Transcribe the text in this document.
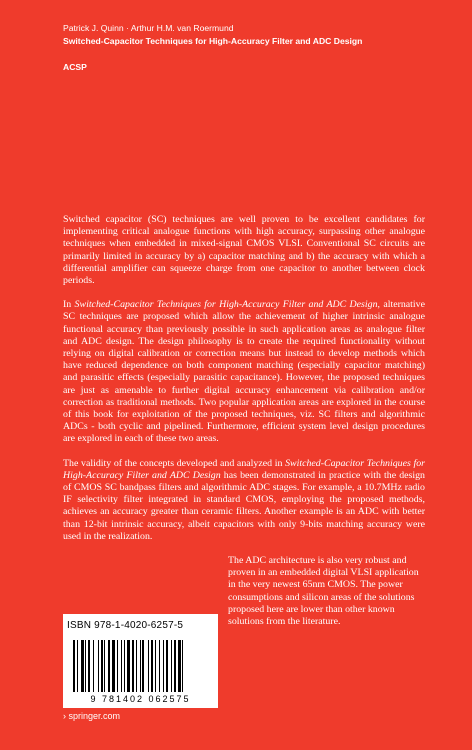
Patrick J. Quinn · Arthur H.M. van Roermund
Switched-Capacitor Techniques for High-Accuracy Filter and ADC Design
ACSP

Switched capacitor (SC) techniques are well proven to be excellent candidates for implementing critical analogue functions with high accuracy, surpassing other analogue techniques when embedded in mixed-signal CMOS VLSI. Conventional SC circuits are primarily limited in accuracy by a) capacitor matching and b) the accuracy with which a differential amplifier can squeeze charge from one capacitor to another between clock periods.

In Switched-Capacitor Techniques for High-Accuracy Filter and ADC Design, alternative SC techniques are proposed which allow the achievement of higher intrinsic analogue functional accuracy than previously possible in such application areas as analogue filter and ADC design. The design philosophy is to create the required functionality without relying on digital calibration or correction means but instead to develop methods which have reduced dependence on both component matching (especially capacitor matching) and parasitic effects (especially parasitic capacitance). However, the proposed techniques are just as amenable to further digital accuracy enhancement via calibration and/or correction as traditional methods. Two popular application areas are explored in the course of this book for exploitation of the proposed techniques, viz. SC filters and algorithmic ADCs - both cyclic and pipelined. Furthermore, efficient system level design procedures are explored in each of these two areas.

The validity of the concepts developed and analyzed in Switched-Capacitor Techniques for High-Accuracy Filter and ADC Design has been demonstrated in practice with the design of CMOS SC bandpass filters and algorithmic ADC stages. For example, a 10.7MHz radio IF selectivity filter integrated in standard CMOS, employing the proposed methods, achieves an accuracy greater than ceramic filters. Another example is an ADC with better than 12-bit intrinsic accuracy, albeit capacitors with only 9-bits matching accuracy were used in the realization.

The ADC architecture is also very robust and proven in an embedded digital VLSI application in the very newest 65nm CMOS. The power consumptions and silicon areas of the solutions proposed here are lower than other known solutions from the literature.

ISBN 978-1-4020-6257-5
9 781402 062575
› springer.com
